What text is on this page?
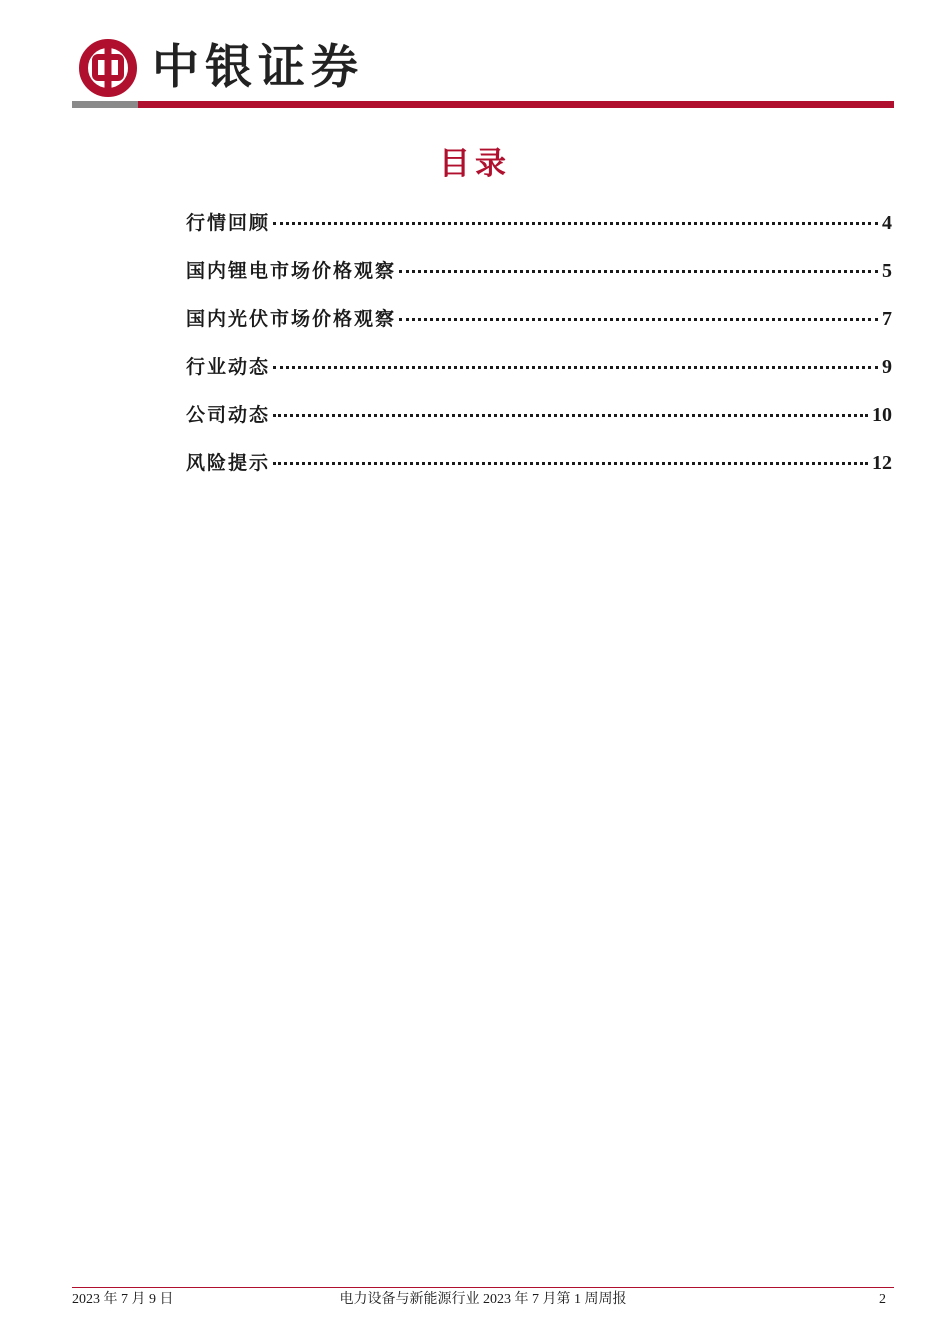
中银证券
目录
行情回顾	4
国内锂电市场价格观察	5
国内光伏市场价格观察	7
行业动态	9
公司动态	10
风险提示	12
2023 年 7 月 9 日	电力设备与新能源行业 2023 年 7 月第 1 周周报	2
